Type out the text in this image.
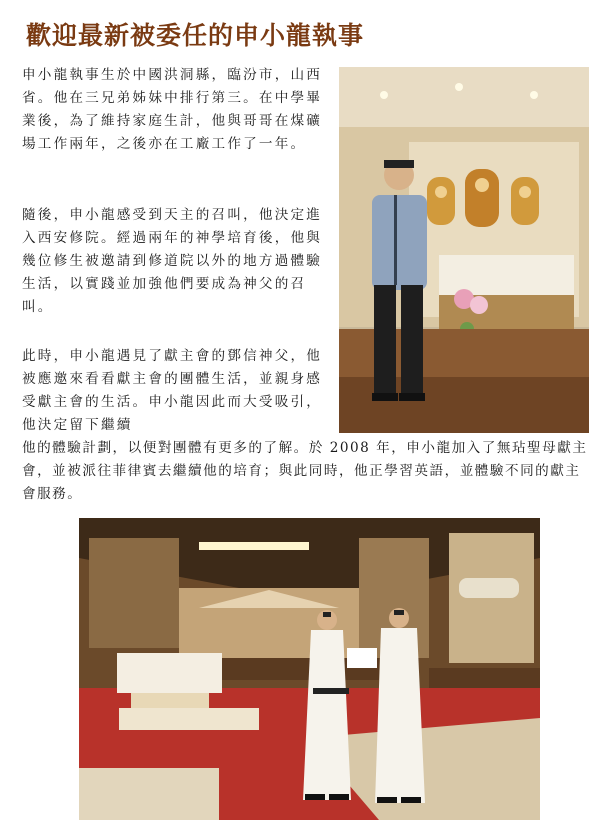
歡迎最新被委任的申小龍執事

申小龍執事生於中國洪洞縣，臨汾市，山西省。他在三兄弟姊妹中排行第三。在中學畢業後，為了維持家庭生計，他與哥哥在煤礦場工作兩年，之後亦在工廠工作了一年。

隨後，申小龍感受到天主的召叫，他決定進入西安修院。經過兩年的神學培育後，他與幾位修生被邀請到修道院以外的地方過體驗生活，以實踐並加強他們要成為神父的召叫。

此時，申小龍遇見了獻主會的鄧信神父，他被應邀來看看獻主會的團體生活，並親身感受獻主會的生活。申小龍因此而大受吸引，他決定留下繼續

他的體驗計劃，以便對團體有更多的了解。於 2008 年，申小龍加入了無玷聖母獻主會，並被派往菲律賓去繼續他的培育；與此同時，他正學習英語，並體驗不同的獻主會服務。
